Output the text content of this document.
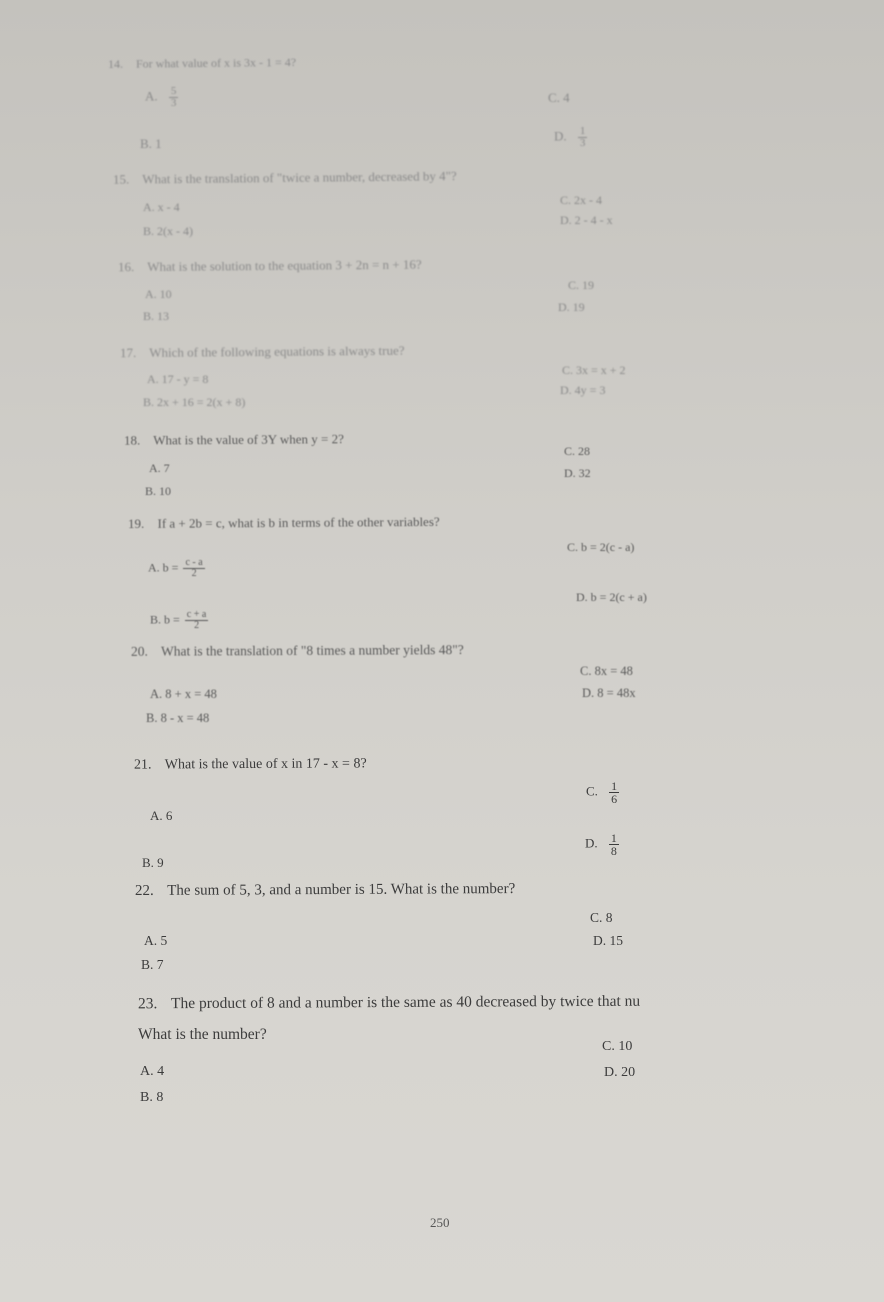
14. For what value of x is 3x - 1 = 4?
A. $\frac{5}{3}$
B. 1
C. 4
D. $\frac{1}{3}$
15. What is the translation of "twice a number, decreased by 4"?
A. x - 4
B. 2(x - 4)
C. 2x - 4
D. 2 - 4 - x
16. What is the solution to the equation 3 + 2n = n + 16?
A. 10
B. 13
C. 19
D. 19
17. Which of the following equations is always true?
A. 17 - y = 8
B. 2x + 16 = 2(x + 8)
C. 3x = x + 2
D. 4y = 3
18. What is the value of 3Y when y = 2?
A. 7
B. 10
C. 28
D. 32
19. If a + 2b = c, what is b in terms of the other variables?
A. $b = \frac{c - a}{2}$
B. $b = \frac{c + a}{2}$
C. b = 2(c - a)
D. b = 2(c + a)
20. What is the translation of "8 times a number yields 48"?
A. 8 + x = 48
B. 8 - x = 48
C. 8x = 48
D. 8 = 48x
21. What is the value of x in 17 - x = 8?
A. 6
B. 9
C. $\frac{1}{6}$
D. $\frac{1}{8}$
22. The sum of 5, 3, and a number is 15. What is the number?
A. 5
B. 7
C. 8
D. 15
23. The product of 8 and a number is the same as 40 decreased by twice that nu
What is the number?
A. 4
B. 8
C. 10
D. 20
250
